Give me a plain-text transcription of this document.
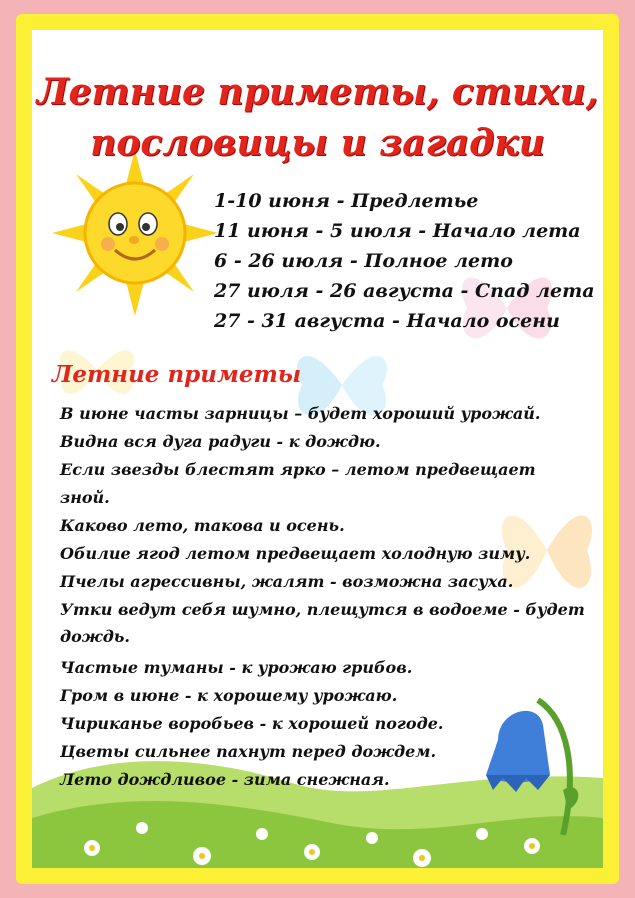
Летние приметы, стихи,
пословицы и загадки
1-10 июня - Предлетье
11 июня - 5 июля - Начало лета
6 - 26 июля - Полное лето
27 июля - 26 августа - Спад лета
27 - 31 августа - Начало осени
Летние приметы
В июне часты зарницы – будет хороший урожай.
Видна вся дуга радуги - к дождю.
Если звезды блестят ярко – летом предвещает зной.
Каково лето, такова и осень.
Обилие ягод летом предвещает холодную зиму.
Пчелы агрессивны, жалят - возможна засуха.
Утки ведут себя шумно, плещутся в водоеме - будет дождь.
Частые туманы - к урожаю грибов.
Гром в июне - к хорошему урожаю.
Чириканье воробьев - к хорошей погоде.
Цветы сильнее пахнут перед дождем.
Лето дождливое - зима снежная.
